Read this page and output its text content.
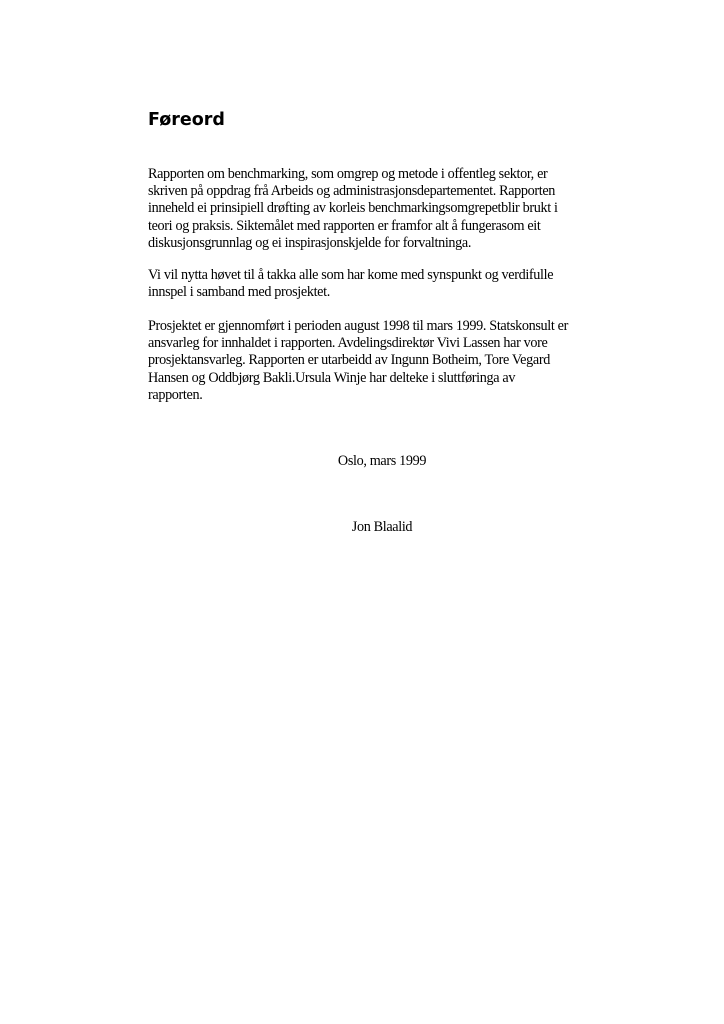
Føreord

Rapporten om benchmarking, som omgrep og metode i offentleg sektor, er
skriven på oppdrag frå Arbeids og administrasjonsdepartementet. Rapporten
inneheld ei prinsipiell drøfting av korleis benchmarkingsomgrepetblir brukt i
teori og praksis. Siktemålet med rapporten er framfor alt å fungerasom eit
diskusjonsgrunnlag og ei inspirasjonskjelde for forvaltninga.

Vi vil nytta høvet til å takka alle som har kome med synspunkt og verdifulle
innspel i samband med prosjektet.

Prosjektet er gjennomført i perioden august 1998 til mars 1999. Statskonsult er
ansvarleg for innhaldet i rapporten. Avdelingsdirektør Vivi Lassen har vore
prosjektansvarleg. Rapporten er utarbeidd av Ingunn Botheim, Tore Vegard
Hansen og Oddbjørg Bakli.Ursula Winje har delteke i sluttføringa av
rapporten.

Oslo, mars 1999

Jon Blaalid
